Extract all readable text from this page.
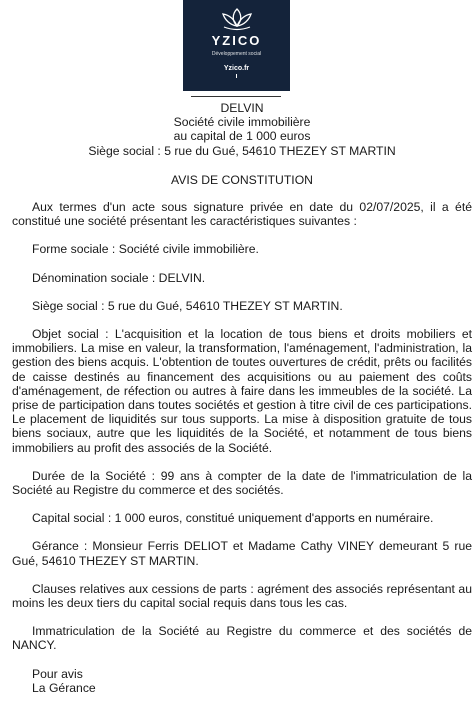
YZICO
Développement social
Yzico.fr

DELVIN

Société civile immobilière

au capital de 1 000 euros

Siège social : 5 rue du Gué, 54610 THEZEY ST MARTIN

AVIS DE CONSTITUTION

Aux termes d'un acte sous signature privée en date du 02/07/2025, il a été constitué une société présentant les caractéristiques suivantes :

Forme sociale : Société civile immobilière.

Dénomination sociale : DELVIN.

Siège social : 5 rue du Gué, 54610 THEZEY ST MARTIN.

Objet social : L'acquisition et la location de tous biens et droits mobiliers et immobiliers. La mise en valeur, la transformation, l'aménagement, l'administration, la gestion des biens acquis. L'obtention de toutes ouvertures de crédit, prêts ou facilités de caisse destinés au financement des acquisitions ou au paiement des coûts d'aménagement, de réfection ou autres à faire dans les immeubles de la société. La prise de participation dans toutes sociétés et gestion à titre civil de ces participations. Le placement de liquidités sur tous supports. La mise à disposition gratuite de tous biens sociaux, autre que les liquidités de la Société, et notamment de tous biens immobiliers au profit des associés de la Société.

Durée de la Société : 99 ans à compter de la date de l'immatriculation de la Société au Registre du commerce et des sociétés.

Capital social : 1 000 euros, constitué uniquement d'apports en numéraire.

Gérance : Monsieur Ferris DELIOT et Madame Cathy VINEY demeurant 5 rue Gué, 54610 THEZEY ST MARTIN.

Clauses relatives aux cessions de parts : agrément des associés représentant au moins les deux tiers du capital social requis dans tous les cas.

Immatriculation de la Société au Registre du commerce et des sociétés de NANCY.

Pour avis
La Gérance
